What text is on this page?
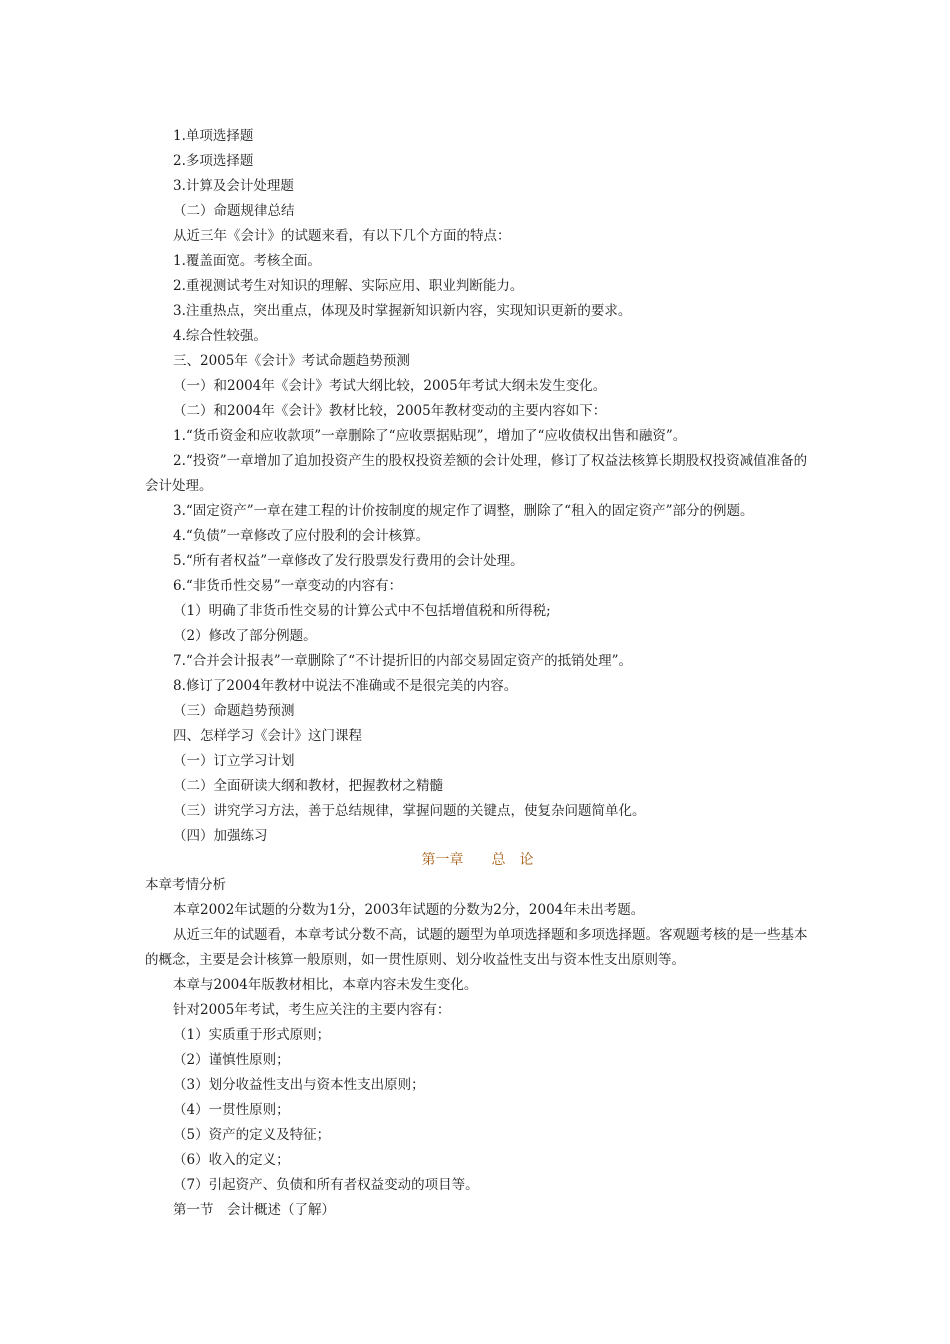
1.单项选择题
2.多项选择题
3.计算及会计处理题
（二）命题规律总结
从近三年《会计》的试题来看，有以下几个方面的特点：
1.覆盖面宽。考核全面。
2.重视测试考生对知识的理解、实际应用、职业判断能力。
3.注重热点，突出重点，体现及时掌握新知识新内容，实现知识更新的要求。
4.综合性较强。
三、2005年《会计》考试命题趋势预测
（一）和2004年《会计》考试大纲比较，2005年考试大纲未发生变化。
（二）和2004年《会计》教材比较，2005年教材变动的主要内容如下：
1.“货币资金和应收款项”一章删除了“应收票据贴现”，增加了“应收债权出售和融资”。
2.“投资”一章增加了追加投资产生的股权投资差额的会计处理，修订了权益法核算长期股权投资减值准备的会计处理。
3.“固定资产”一章在建工程的计价按制度的规定作了调整，删除了“租入的固定资产”部分的例题。
4.“负债”一章修改了应付股利的会计核算。
5.“所有者权益”一章修改了发行股票发行费用的会计处理。
6.“非货币性交易”一章变动的内容有：
（1）明确了非货币性交易的计算公式中不包括增值税和所得税;
（2）修改了部分例题。
7.“合并会计报表”一章删除了“不计提折旧的内部交易固定资产的抵销处理”。
8.修订了2004年教材中说法不准确或不是很完美的内容。
（三）命题趋势预测
四、怎样学习《会计》这门课程
（一）订立学习计划
（二）全面研读大纲和教材，把握教材之精髓
（三）讲究学习方法，善于总结规律，掌握问题的关键点，使复杂问题简单化。
（四）加强练习
第一章　　总　论
本章考情分析
本章2002年试题的分数为1分，2003年试题的分数为2分，2004年未出考题。
从近三年的试题看，本章考试分数不高，试题的题型为单项选择题和多项选择题。客观题考核的是一些基本的概念，主要是会计核算一般原则，如一贯性原则、划分收益性支出与资本性支出原则等。
本章与2004年版教材相比，本章内容未发生变化。
针对2005年考试，考生应关注的主要内容有：
（1）实质重于形式原则；
（2）谨慎性原则；
（3）划分收益性支出与资本性支出原则；
（4）一贯性原则；
（5）资产的定义及特征；
（6）收入的定义；
（7）引起资产、负债和所有者权益变动的项目等。
第一节　会计概述（了解）
